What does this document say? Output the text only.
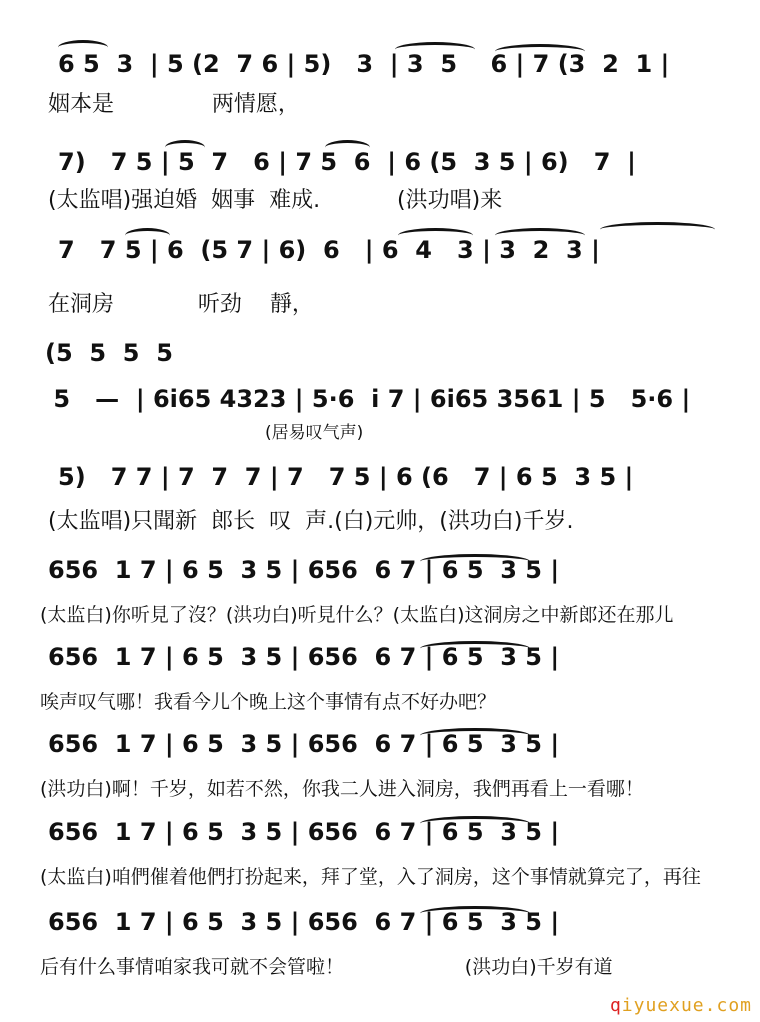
6 5  3  | 5 (2  7 6 | 5)   3  | 3  5    6 | 7 (3  2  1 |
姻本是              两情愿，
7)   7 5 | 5  7   6 | 7 5  6  | 6 (5  3 5 | 6)   7  |
(太监唱)强迫婚  姻事  难成.           (洪功唱)来
7   7 5 | 6  (5 7 | 6)  6   | 6  4   3 | 3  2  3 |
在洞房            听劲    靜，
(5  5  5  5
5   —  | 6i65 4323 | 5·6  i 7 | 6i65 3561 | 5   5·6 |
(居易叹气声)
5)   7 7 | 7  7  7 | 7   7 5 | 6 (6   7 | 6 5  3 5 |
(太监唱)只聞新  郎长  叹  声.(白)元帅，(洪功白)千岁.
656  1 7 | 6 5  3 5 | 656  6 7 | 6 5  3 5 |
(太监白)你听見了沒？(洪功白)听見什么？(太监白)这洞房之中新郎还在那儿
656  1 7 | 6 5  3 5 | 656  6 7 | 6 5  3 5 |
唉声叹气哪！我看今儿个晚上这个事情有点不好办吧？
656  1 7 | 6 5  3 5 | 656  6 7 | 6 5  3 5 |
(洪功白)啊！千岁，如若不然，你我二人进入洞房，我們再看上一看哪！
656  1 7 | 6 5  3 5 | 656  6 7 | 6 5  3 5 |
(太监白)咱們催着他們打扮起来，拜了堂，入了洞房，这个事情就算完了，再往
656  1 7 | 6 5  3 5 | 656  6 7 | 6 5  3 5 |
后有什么事情咱家我可就不会管啦！                    (洪功白)千岁有道
qiyuexue.com
